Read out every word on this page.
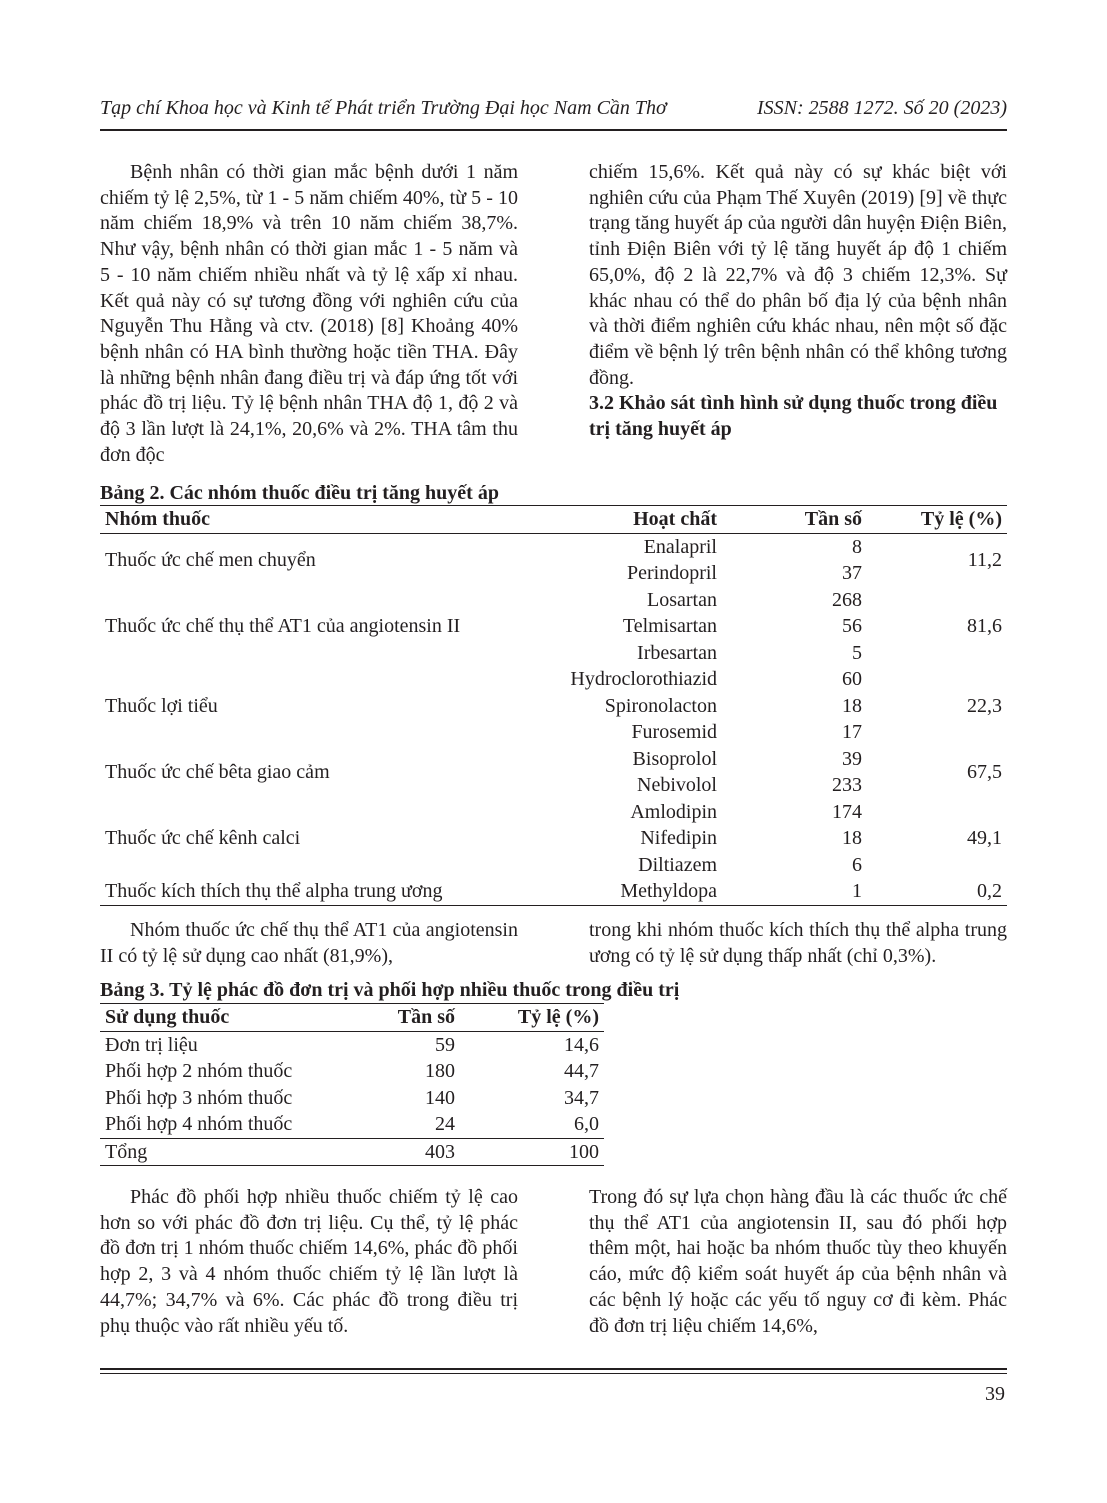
Tạp chí Khoa học và Kinh tế Phát triển Trường Đại học Nam Cần Thơ	ISSN: 2588 1272. Số 20 (2023)

Bệnh nhân có thời gian mắc bệnh dưới 1 năm chiếm tỷ lệ 2,5%, từ 1 - 5 năm chiếm 40%, từ 5 - 10 năm chiếm 18,9% và trên 10 năm chiếm 38,7%. Như vậy, bệnh nhân có thời gian mắc 1 - 5 năm và 5 - 10 năm chiếm nhiều nhất và tỷ lệ xấp xỉ nhau. Kết quả này có sự tương đồng với nghiên cứu của Nguyễn Thu Hằng và ctv. (2018) [8] Khoảng 40% bệnh nhân có HA bình thường hoặc tiền THA. Đây là những bệnh nhân đang điều trị và đáp ứng tốt với phác đồ trị liệu. Tỷ lệ bệnh nhân THA độ 1, độ 2 và độ 3 lần lượt là 24,1%, 20,6% và 2%. THA tâm thu đơn độc

chiếm 15,6%. Kết quả này có sự khác biệt với nghiên cứu của Phạm Thế Xuyên (2019) [9] về thực trạng tăng huyết áp của người dân huyện Điện Biên, tỉnh Điện Biên với tỷ lệ tăng huyết áp độ 1 chiếm 65,0%, độ 2 là 22,7% và độ 3 chiếm 12,3%. Sự khác nhau có thể do phân bố địa lý của bệnh nhân và thời điểm nghiên cứu khác nhau, nên một số đặc điểm về bệnh lý trên bệnh nhân có thể không tương đồng.

3.2 Khảo sát tình hình sử dụng thuốc trong điều trị tăng huyết áp

Bảng 2. Các nhóm thuốc điều trị tăng huyết áp
Nhóm thuốc	Hoạt chất	Tần số	Tỷ lệ (%)
Thuốc ức chế men chuyển	Enalapril	8	11,2
	Perindopril	37	
Thuốc ức chế thụ thể AT1 của angiotensin II	Losartan	268	81,6
	Telmisartan	56	
	Irbesartan	5	
Thuốc lợi tiểu	Hydroclorothiazid	60	22,3
	Spironolacton	18	
	Furosemid	17	
Thuốc ức chế bêta giao cảm	Bisoprolol	39	67,5
	Nebivolol	233	
Thuốc ức chế kênh calci	Amlodipin	174	49,1
	Nifedipin	18	
	Diltiazem	6	
Thuốc kích thích thụ thể alpha trung ương	Methyldopa	1	0,2

Nhóm thuốc ức chế thụ thể AT1 của angiotensin II có tỷ lệ sử dụng cao nhất (81,9%),

trong khi nhóm thuốc kích thích thụ thể alpha trung ương có tỷ lệ sử dụng thấp nhất (chỉ 0,3%).

Bảng 3. Tỷ lệ phác đồ đơn trị và phối hợp nhiều thuốc trong điều trị
Sử dụng thuốc	Tần số	Tỷ lệ (%)
Đơn trị liệu	59	14,6
Phối hợp 2 nhóm thuốc	180	44,7
Phối hợp 3 nhóm thuốc	140	34,7
Phối hợp 4 nhóm thuốc	24	6,0
Tổng	403	100

Phác đồ phối hợp nhiều thuốc chiếm tỷ lệ cao hơn so với phác đồ đơn trị liệu. Cụ thể, tỷ lệ phác đồ đơn trị 1 nhóm thuốc chiếm 14,6%, phác đồ phối hợp 2, 3 và 4 nhóm thuốc chiếm tỷ lệ lần lượt là 44,7%; 34,7% và 6%. Các phác đồ trong điều trị phụ thuộc vào rất nhiều yếu tố.

Trong đó sự lựa chọn hàng đầu là các thuốc ức chế thụ thể AT1 của angiotensin II, sau đó phối hợp thêm một, hai hoặc ba nhóm thuốc tùy theo khuyến cáo, mức độ kiểm soát huyết áp của bệnh nhân và các bệnh lý hoặc các yếu tố nguy cơ đi kèm. Phác đồ đơn trị liệu chiếm 14,6%,

39
